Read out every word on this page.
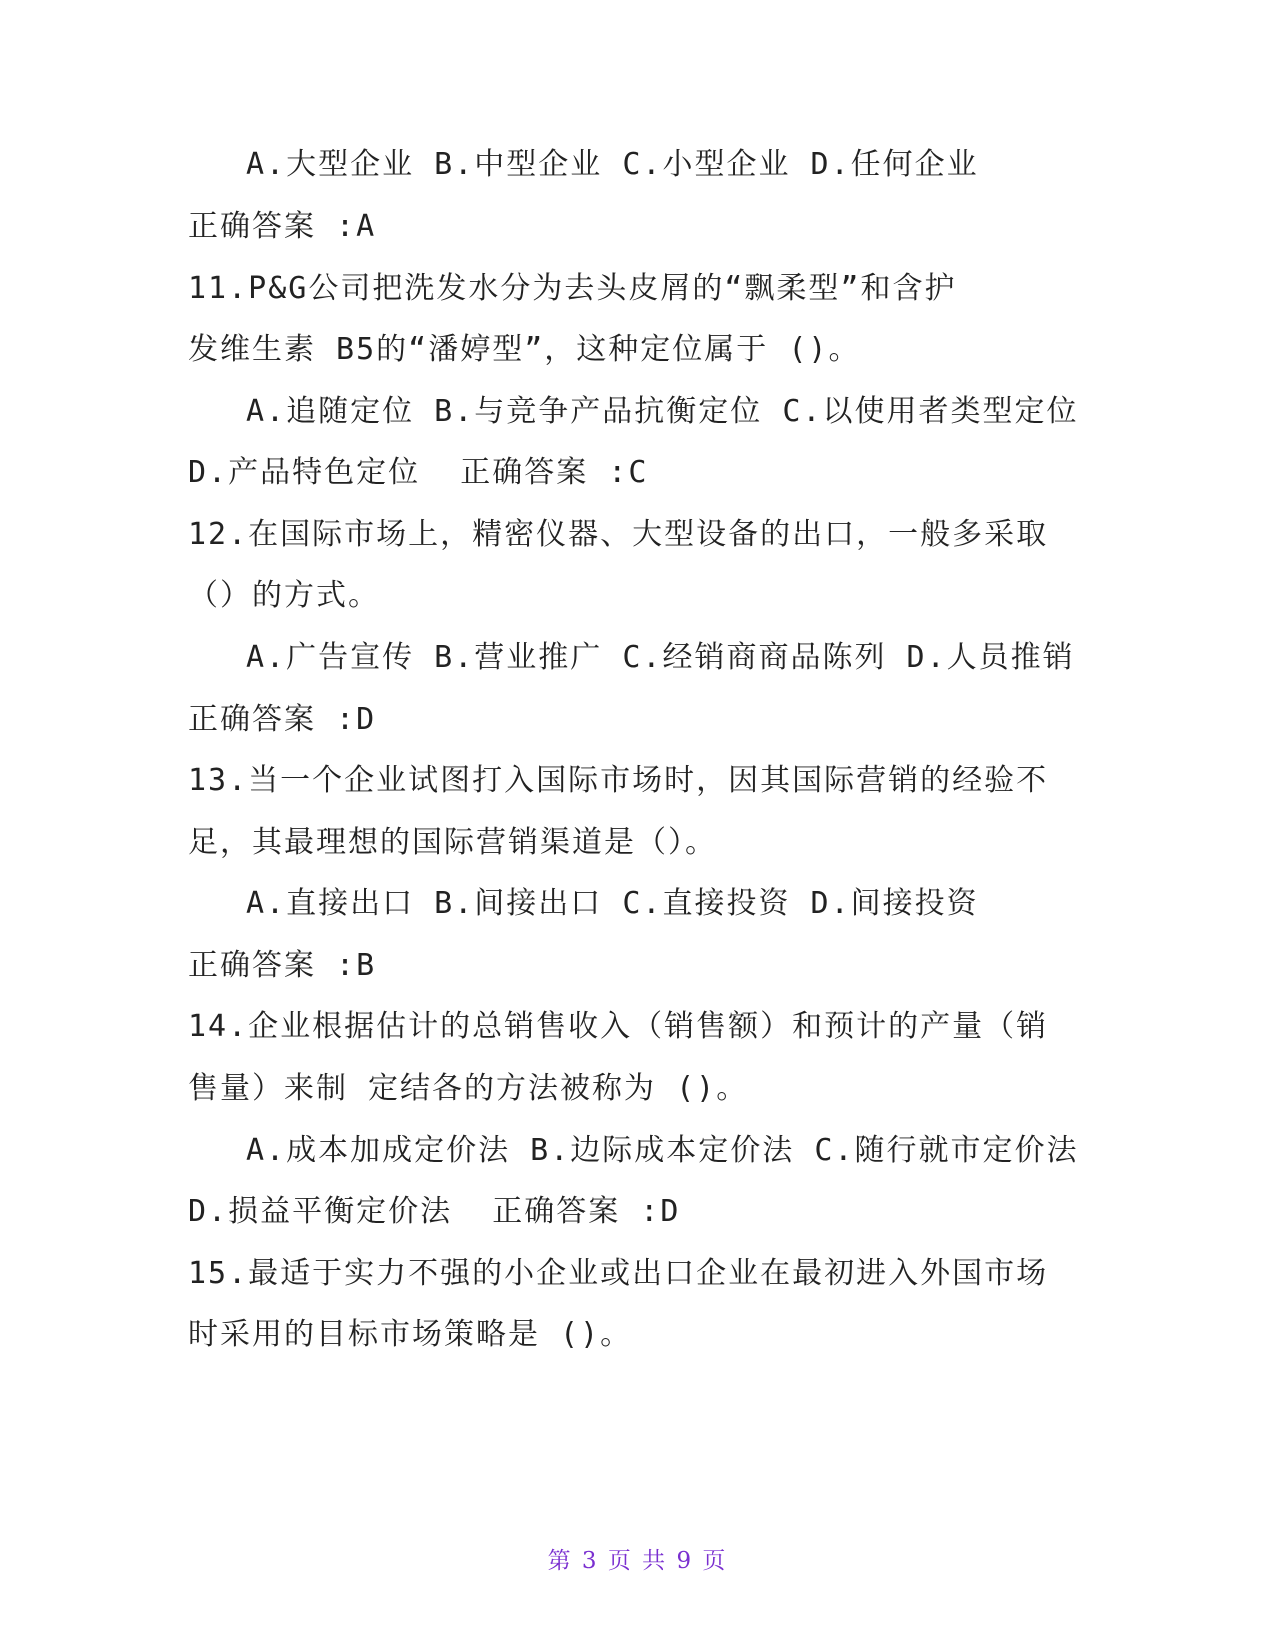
A.大型企业 B.中型企业 C.小型企业 D.任何企业
正确答案 :A
11.P&G公司把洗发水分为去头皮屑的“飘柔型”和含护
发维生素 B5的“潘婷型”，这种定位属于 ()。
A.追随定位 B.与竞争产品抗衡定位 C.以使用者类型定位
D.产品特色定位  正确答案 :C
12.在国际市场上，精密仪器、大型设备的出口，一般多采取
（）的方式。
A.广告宣传 B.营业推广 C.经销商商品陈列 D.人员推销
正确答案 :D
13.当一个企业试图打入国际市场时，因其国际营销的经验不
足，其最理想的国际营销渠道是（）。
A.直接出口 B.间接出口 C.直接投资 D.间接投资
正确答案 :B
14.企业根据估计的总销售收入（销售额）和预计的产量（销
售量）来制 定结各的方法被称为 ()。
A.成本加成定价法 B.边际成本定价法 C.随行就市定价法
D.损益平衡定价法  正确答案 :D
15.最适于实力不强的小企业或出口企业在最初进入外国市场
时采用的目标市场策略是 ()。
第 3 页 共 9 页
